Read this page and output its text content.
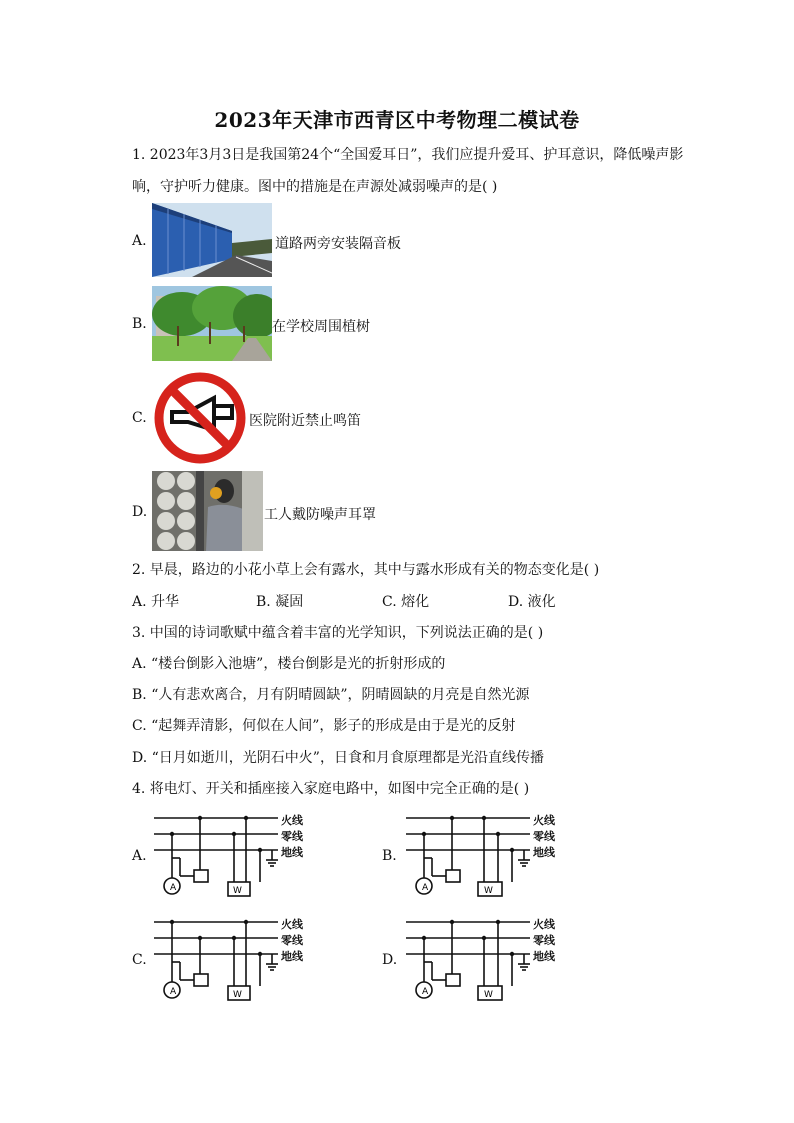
2023年天津市西青区中考物理二模试卷
1. 2023年3月3日是我国第24个“全国爱耳日”，我们应提升爱耳、护耳意识，降低噪声影
响，守护听力健康。图中的措施是在声源处减弱噪声的是( )
A.	道路两旁安装隔音板
B.	在学校周围植树
C.	医院附近禁止鸣笛
D.	工人戴防噪声耳罩
2. 早晨，路边的小花小草上会有露水，其中与露水形成有关的物态变化是( )
A. 升华	B. 凝固	C. 熔化	D. 液化
3. 中国的诗词歌赋中蕴含着丰富的光学知识，下列说法正确的是( )
A. “楼台倒影入池塘”，楼台倒影是光的折射形成的
B. “人有悲欢离合，月有阴晴圆缺”，阴晴圆缺的月亮是自然光源
C. “起舞弄清影，何似在人间”，影子的形成是由于是光的反射
D. “日月如逝川，光阴石中火”，日食和月食原理都是光沿直线传播
4. 将电灯、开关和插座接入家庭电路中，如图中完全正确的是( )
A.	B.
C.	D.
A	W
火线
零线
地线
A	W
火线
零线
地线
A	W
火线
零线
地线
A	W
火线
零线
地线
